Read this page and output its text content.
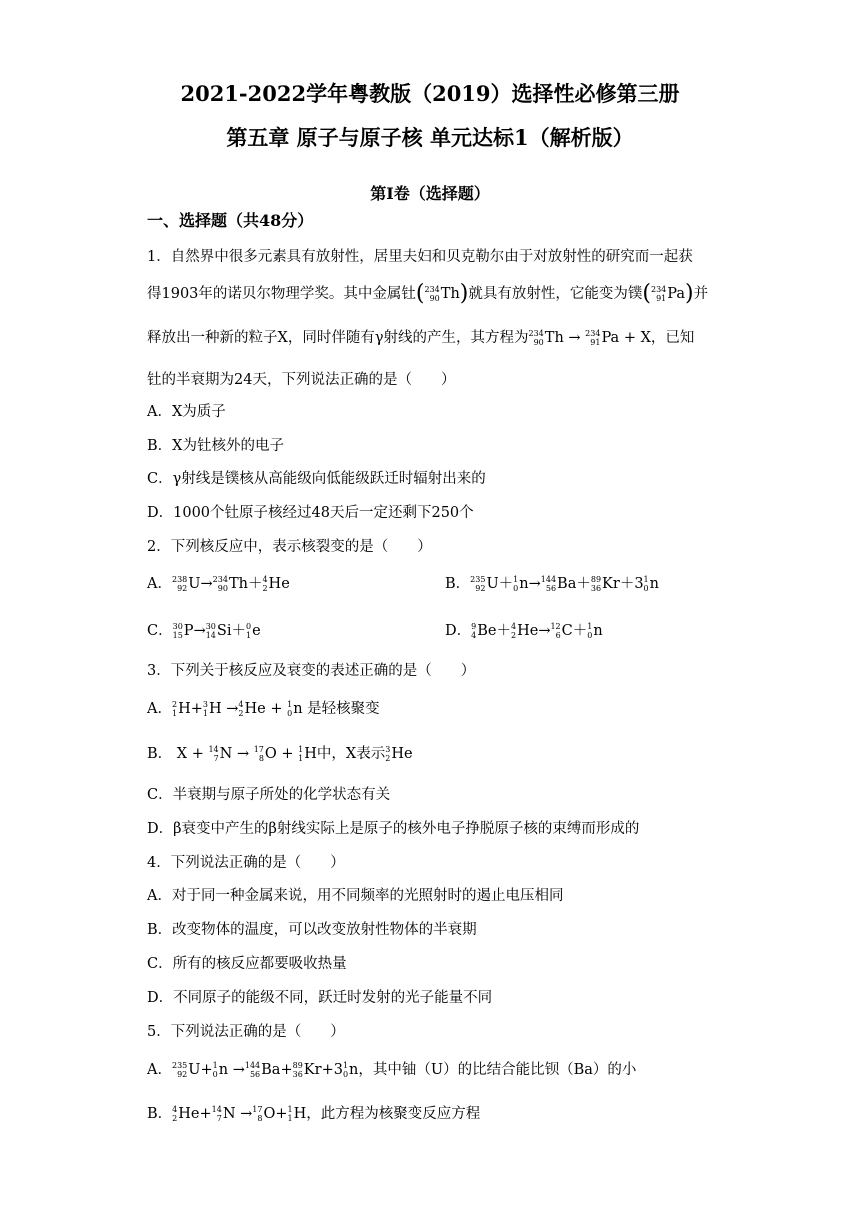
2021-2022学年粤教版（2019）选择性必修第三册
第五章 原子与原子核 单元达标1（解析版）
第Ⅰ卷（选择题）
一、选择题（共48分）
1．自然界中很多元素具有放射性，居里夫妇和贝克勒尔由于对放射性的研究而一起获
得1903年的诺贝尔物理学奖。其中金属钍( 234
90 Th )就具有放射性，它能变为镤( 234
91 Pa )并
释放出一种新的粒子X，同时伴随有γ射线的产生，其方程为 234
90 Th → 234
91 Pa + X，已知
钍的半衰期为24天，下列说法正确的是（　　）
A．X为质子
B．X为钍核外的电子
C．γ射线是镤核从高能级向低能级跃迁时辐射出来的
D．1000个钍原子核经过48天后一定还剩下250个
2．下列核反应中，表示核裂变的是（　　）
A． 238
92 U → 234
90 Th ＋ 4
2 He	B． 235
92 U ＋ 1
0 n → 144
56 Ba ＋ 89
36 Kr ＋3 1
0 n
C． 30
15 P → 30
14 Si ＋ 0
1 e	D． 9
4 Be ＋ 4
2 He → 12
6 C ＋ 1
0 n
3．下列关于核反应及衰变的表述正确的是（　　）
A． 2
1 H + 3
1 H → 4
2 He + 1
0 n 是轻核聚变
B． X + 14
7 N → 17
8 O + 1
1 H 中，X表示 3
2 He
C．半衰期与原子所处的化学状态有关
D．β衰变中产生的β射线实际上是原子的核外电子挣脱原子核的束缚而形成的
4．下列说法正确的是（　　）
A．对于同一种金属来说，用不同频率的光照射时的遏止电压相同
B．改变物体的温度，可以改变放射性物体的半衰期
C．所有的核反应都要吸收热量
D．不同原子的能级不同，跃迁时发射的光子能量不同
5．下列说法正确的是（　　）
A． 235
92 U + 1
0 n → 144
56 Ba + 89
36 Kr +3 1
0 n ，其中铀（U）的比结合能比钡（Ba）的小
B． 4
2 He + 14
7 N → 17
8 O + 1
1 H ，此方程为核聚变反应方程
